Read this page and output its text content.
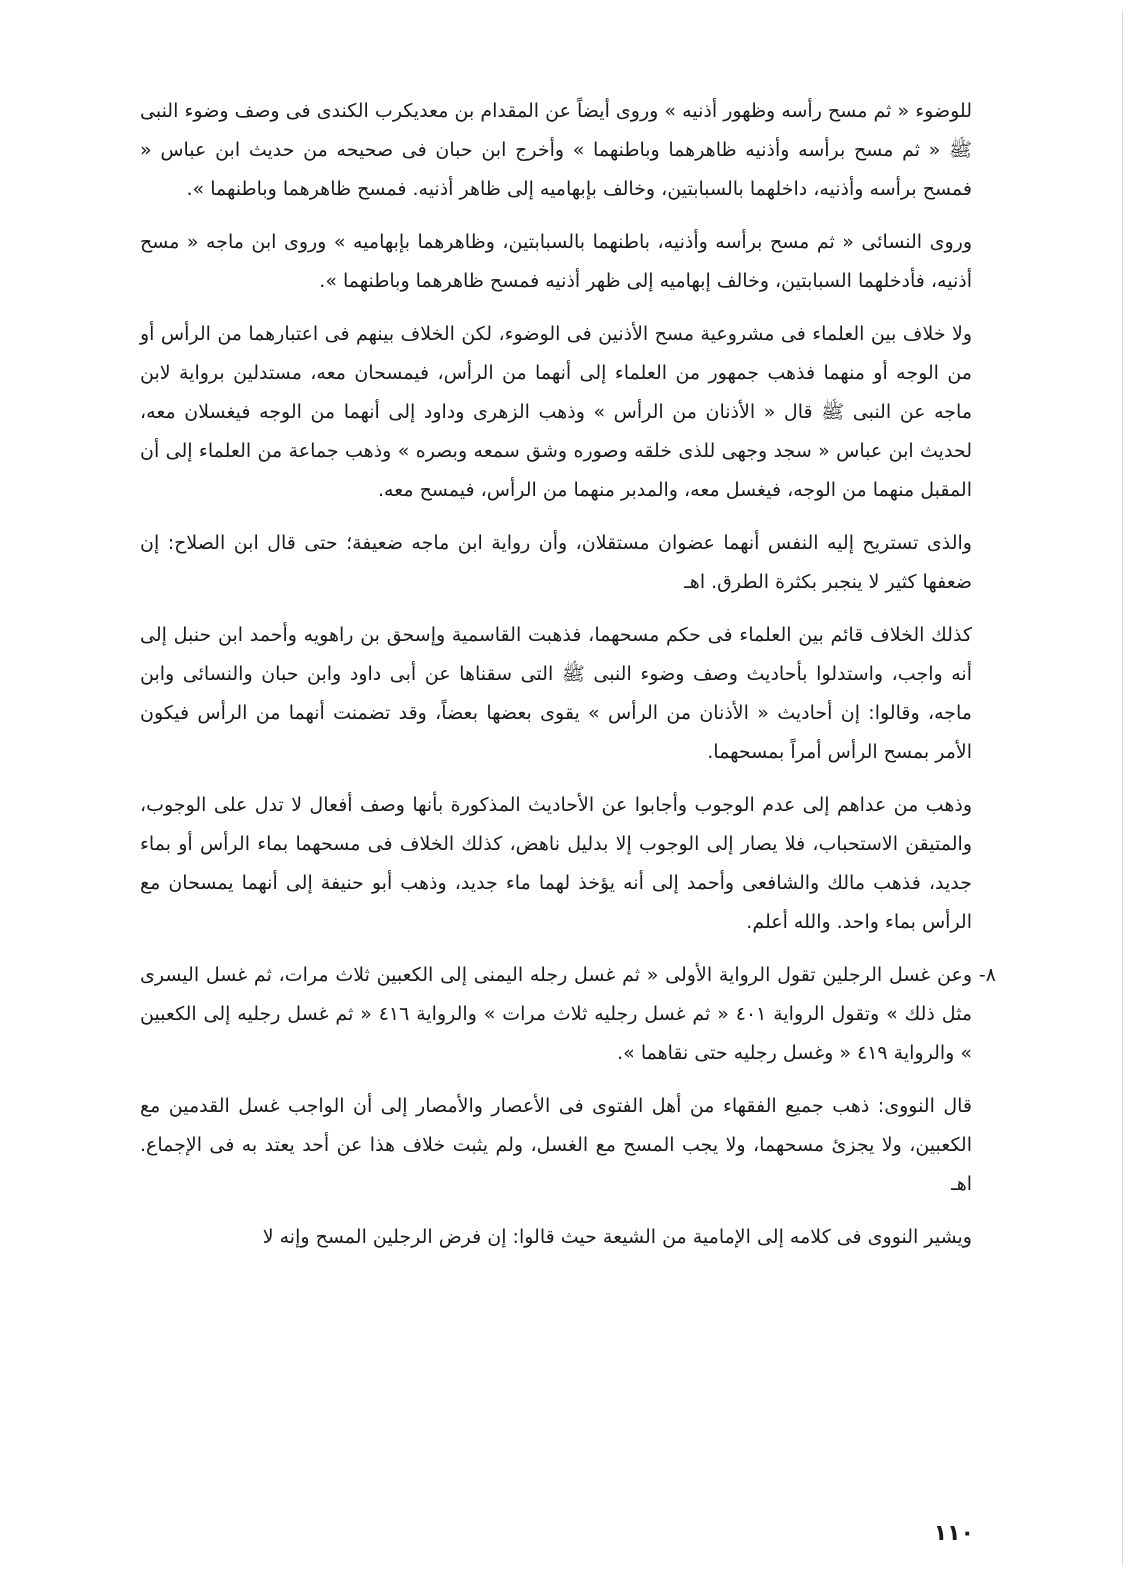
للوضوء « ثم مسح رأسه وظهور أذنيه » وروى أيضاً عن المقدام بن معديكرب الكندى فى وصف وضوء النبى ﷺ « ثم مسح برأسه وأذنيه ظاهرهما وباطنهما » وأخرج ابن حبان فى صحيحه من حديث ابن عباس « فمسح برأسه وأذنيه، داخلهما بالسبابتين، وخالف بإبهاميه إلى ظاهر أذنيه. فمسح ظاهرهما وباطنهما ».

وروى النسائى « ثم مسح برأسه وأذنيه، باطنهما بالسبابتين، وظاهرهما بإبهاميه » وروى ابن ماجه « مسح أذنيه، فأدخلهما السبابتين، وخالف إبهاميه إلى ظهر أذنيه فمسح ظاهرهما وباطنهما ».

ولا خلاف بين العلماء فى مشروعية مسح الأذنين فى الوضوء، لكن الخلاف بينهم فى اعتبارهما من الرأس أو من الوجه أو منهما فذهب جمهور من العلماء إلى أنهما من الرأس، فيمسحان معه، مستدلين برواية لابن ماجه عن النبى ﷺ قال « الأذنان من الرأس » وذهب الزهرى وداود إلى أنهما من الوجه فيغسلان معه، لحديث ابن عباس « سجد وجهى للذى خلقه وصوره وشق سمعه وبصره » وذهب جماعة من العلماء إلى أن المقبل منهما من الوجه، فيغسل معه، والمدبر منهما من الرأس، فيمسح معه.

والذى تستريح إليه النفس أنهما عضوان مستقلان، وأن رواية ابن ماجه ضعيفة؛ حتى قال ابن الصلاح: إن ضعفها كثير لا ينجبر بكثرة الطرق. اهـ

كذلك الخلاف قائم بين العلماء فى حكم مسحهما، فذهبت القاسمية وإسحق بن راهويه وأحمد ابن حنبل إلى أنه واجب، واستدلوا بأحاديث وصف وضوء النبى ﷺ التى سقناها عن أبى داود وابن حبان والنسائى وابن ماجه، وقالوا: إن أحاديث « الأذنان من الرأس » يقوى بعضها بعضاً، وقد تضمنت أنهما من الرأس فيكون الأمر بمسح الرأس أمراً بمسحهما.

وذهب من عداهم إلى عدم الوجوب وأجابوا عن الأحاديث المذكورة بأنها وصف أفعال لا تدل على الوجوب، والمتيقن الاستحباب، فلا يصار إلى الوجوب إلا بدليل ناهض، كذلك الخلاف فى مسحهما بماء الرأس أو بماء جديد، فذهب مالك والشافعى وأحمد إلى أنه يؤخذ لهما ماء جديد، وذهب أبو حنيفة إلى أنهما يمسحان مع الرأس بماء واحد. والله أعلم.

٨-
وعن غسل الرجلين تقول الرواية الأولى « ثم غسل رجله اليمنى إلى الكعبين ثلاث مرات، ثم غسل اليسرى مثل ذلك » وتقول الرواية ٤٠١ « ثم غسل رجليه ثلاث مرات » والرواية ٤١٦ « ثم غسل رجليه إلى الكعبين » والرواية ٤١٩ « وغسل رجليه حتى نقاهما ».

قال النووى: ذهب جميع الفقهاء من أهل الفتوى فى الأعصار والأمصار إلى أن الواجب غسل القدمين مع الكعبين، ولا يجزئ مسحهما، ولا يجب المسح مع الغسل، ولم يثبت خلاف هذا عن أحد يعتد به فى الإجماع. اهـ

ويشير النووى فى كلامه إلى الإمامية من الشيعة حيث قالوا: إن فرض الرجلين المسح وإنه لا

١١٠
